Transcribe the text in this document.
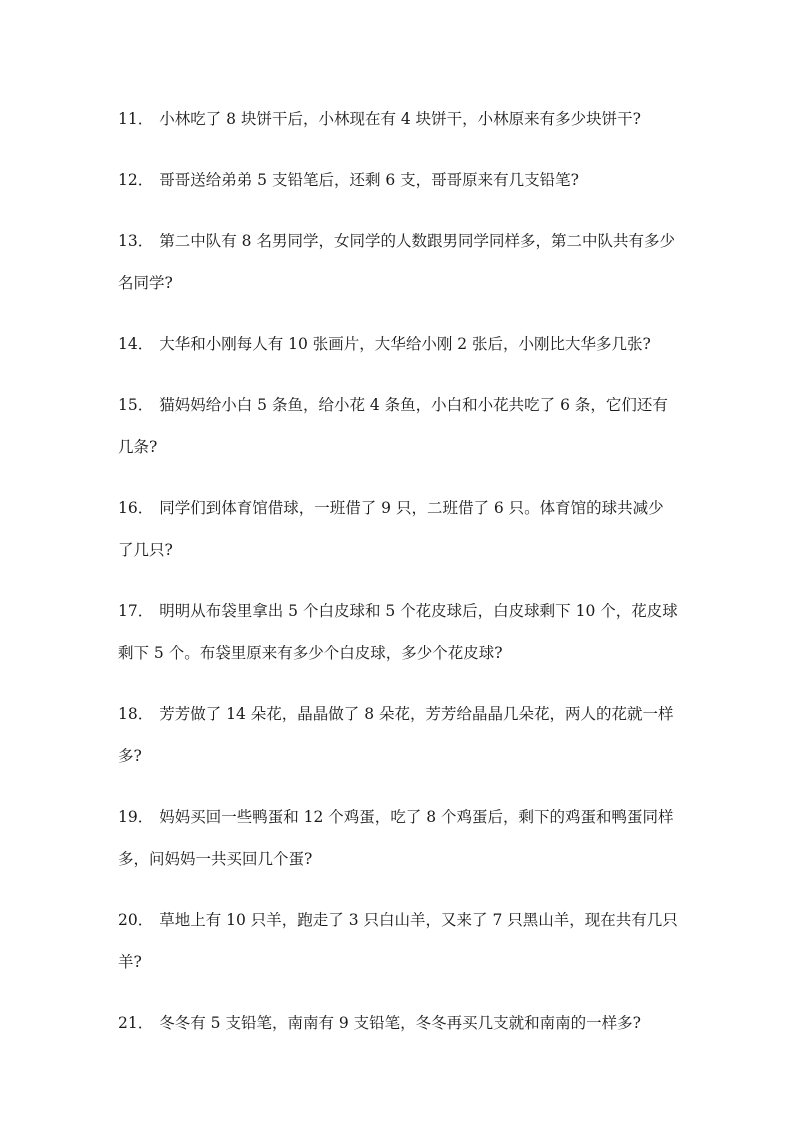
11． 小林吃了 8 块饼干后，小林现在有 4 块饼干，小林原来有多少块饼干?
12． 哥哥送给弟弟 5 支铅笔后，还剩 6 支，哥哥原来有几支铅笔?
13． 第二中队有 8 名男同学，女同学的人数跟男同学同样多，第二中队共有多少名同学?
14． 大华和小刚每人有 10 张画片，大华给小刚 2 张后，小刚比大华多几张?
15． 猫妈妈给小白 5 条鱼，给小花 4 条鱼，小白和小花共吃了 6 条，它们还有几条?
16． 同学们到体育馆借球，一班借了 9 只，二班借了 6 只。体育馆的球共减少了几只?
17． 明明从布袋里拿出 5 个白皮球和 5 个花皮球后，白皮球剩下 10 个，花皮球剩下 5 个。布袋里原来有多少个白皮球，多少个花皮球?
18． 芳芳做了 14 朵花，晶晶做了 8 朵花，芳芳给晶晶几朵花，两人的花就一样多?
19． 妈妈买回一些鸭蛋和 12 个鸡蛋，吃了 8 个鸡蛋后，剩下的鸡蛋和鸭蛋同样多，问妈妈一共买回几个蛋?
20． 草地上有 10 只羊，跑走了 3 只白山羊，又来了 7 只黑山羊，现在共有几只羊?
21． 冬冬有 5 支铅笔，南南有 9 支铅笔，冬冬再买几支就和南南的一样多?
